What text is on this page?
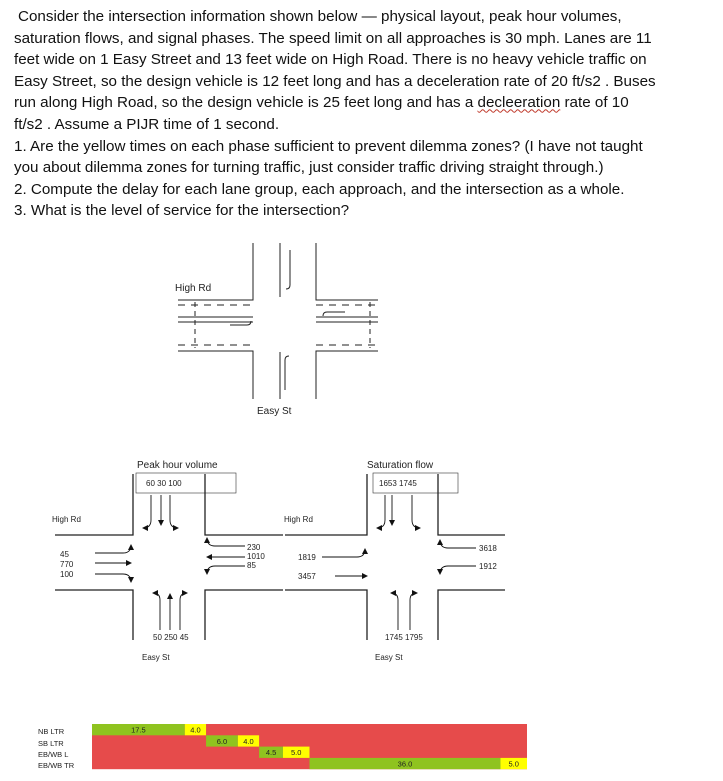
Consider the intersection information shown below — physical layout, peak hour volumes,

saturation flows, and signal phases. The speed limit on all approaches is 30 mph. Lanes are 11

feet wide on 1 Easy Street and 13 feet wide on High Road. There is no heavy vehicle traffic on

Easy Street, so the design vehicle is 12 feet long and has a deceleration rate of 20 ft/s2 . Buses

run along High Road, so the design vehicle is 25 feet long and has a decleeration rate of 10

ft/s2 . Assume a PIJR time of 1 second.

1. Are the yellow times on each phase sufficient to prevent dilemma zones? (I have not taught

you about dilemma zones for turning traffic, just consider traffic driving straight through.)

2. Compute the delay for each lane group, each approach, and the intersection as a whole.

3. What is the level of service for the intersection?

High Rd
Easy St
Peak hour volume
60 30 100
High Rd
45
770
100
230
1010
85
50 250 45
Easy St
Saturation flow
1653 1745
High Rd
1819
3457
3618
1912
1745 1795
Easy St
NB LTR
SB LTR
EB/WB L
EB/WB TR
17.5	4.0
6.0 4.0
4.5 5.0
36.0	5.0
